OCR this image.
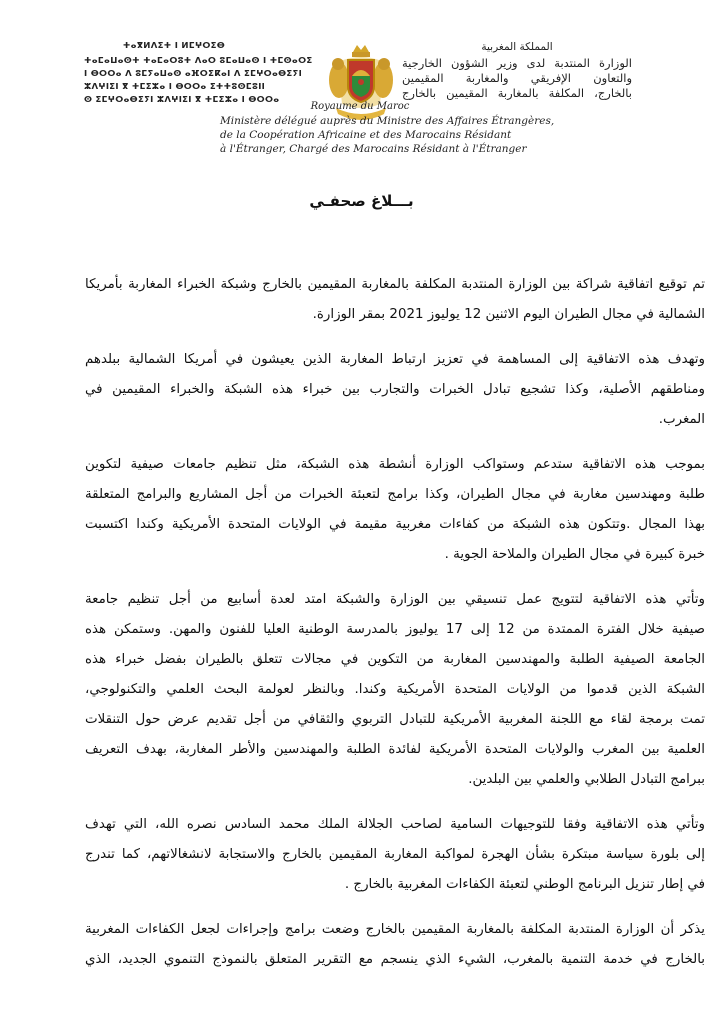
ⵜⴰⴳⵍⴷⵉⵜ ⵏ ⵍⵎⵖⵔⵉⴱ
ⵜⴰⵎⴰⵡⴰⵙⵜ ⵜⴰⵎⴰⵔⵓⵜ ⴷⴰⵔ ⵓⵎⴰⵡⴰⵙ ⵏ ⵜⵎⵙⴰⵔⵉ
ⵏ ⴱⵔⵔⴰ ⴷ ⵓⵎⵢⴰⵡⴰⵙ ⴰⴼⵔⵉⴽⴰⵏ ⴷ ⵉⵎⵖⵔⴰⴱⵉⵢⵏ
ⵣⴷⵖⵏⵉⵏ ⴳ ⵜⵎⵉⵣⴰ ⵏ ⴱⵔⵔⴰ ⵉⵜⵜⵓⵙⵎⵓⵏⵏ
ⵙ ⵉⵎⵖⵔⴰⴱⵉⵢⵏ ⵣⴷⵖⵏⵉⵏ ⴳ ⵜⵎⵉⵣⴰ ⵏ ⴱⵔⵔⴰ
المملكة المغربية
الوزارة المنتدبة لدى وزير الشؤون الخارجية
والتعاون الإفريقي والمغاربة المقيمين
بالخارج، المكلفة بالمغاربة المقيمين بالخارج
Royaume du Maroc
Ministère délégué auprès du Ministre des Affaires Étrangères,
de la Coopération Africaine et des Marocains Résidant
à l'Étranger, Chargé des Marocains Résidant à l'Étranger
بـــلاغ صحفـي

تم توقيع اتفاقية شراكة بين الوزارة المنتدبة المكلفة بالمغاربة المقيمين بالخارج وشبكة الخبراء المغاربة بأمريكا
الشمالية في مجال الطيران اليوم الاثنين 12 يوليوز 2021 بمقر الوزارة.

وتهدف هذه الاتفاقية إلى المساهمة في تعزيز ارتباط المغاربة الذين يعيشون في أمريكا الشمالية ببلدهم
ومناطقهم الأصلية، وكذا تشجيع تبادل الخبرات والتجارب بين خبراء هذه الشبكة والخبراء المقيمين في
المغرب.

بموجب هذه الاتفاقية ستدعم وستواكب الوزارة أنشطة هذه الشبكة، مثل تنظيم جامعات صيفية لتكوين
طلبة ومهندسين مغاربة في مجال الطيران، وكذا برامج لتعبئة الخبرات من أجل المشاريع والبرامج المتعلقة
بهذا المجال .وتتكون هذه الشبكة من كفاءات مغربية مقيمة في الولايات المتحدة الأمريكية وكندا اكتسبت
خبرة كبيرة في مجال الطيران والملاحة الجوية .

وتأتي هذه الاتفاقية لتتويج عمل تنسيقي بين الوزارة والشبكة امتد لعدة أسابيع من أجل تنظيم جامعة
صيفية خلال الفترة الممتدة من 12 إلى 17 يوليوز بالمدرسة الوطنية العليا للفنون والمهن. وستمكن هذه
الجامعة الصيفية الطلبة والمهندسين المغاربة من التكوين في مجالات تتعلق بالطيران بفضل خبراء هذه
الشبكة الذين قدموا من الولايات المتحدة الأمريكية وكندا. وبالنظر لعولمة البحث العلمي والتكنولوجي،
تمت برمجة لقاء مع اللجنة المغربية الأمريكية للتبادل التربوي والثقافي من أجل تقديم عرض حول التنقلات
العلمية بين المغرب والولايات المتحدة الأمريكية لفائدة الطلبة والمهندسين والأطر المغاربة، بهدف التعريف
ببرامج التبادل الطلابي والعلمي بين البلدين.

وتأتي هذه الاتفاقية وفقا للتوجيهات السامية لصاحب الجلالة الملك محمد السادس نصره الله، التي تهدف
إلى بلورة سياسة مبتكرة بشأن الهجرة لمواكبة المغاربة المقيمين بالخارج والاستجابة لانشغالاتهم، كما تندرج
في إطار تنزيل البرنامج الوطني لتعبئة الكفاءات المغربية بالخارج .

يذكر أن الوزارة المنتدبة المكلفة بالمغاربة المقيمين بالخارج وضعت برامج وإجراءات لجعل الكفاءات المغربية
بالخارج في خدمة التنمية بالمغرب، الشيء الذي ينسجم مع التقرير المتعلق بالنموذج التنموي الجديد، الذي
